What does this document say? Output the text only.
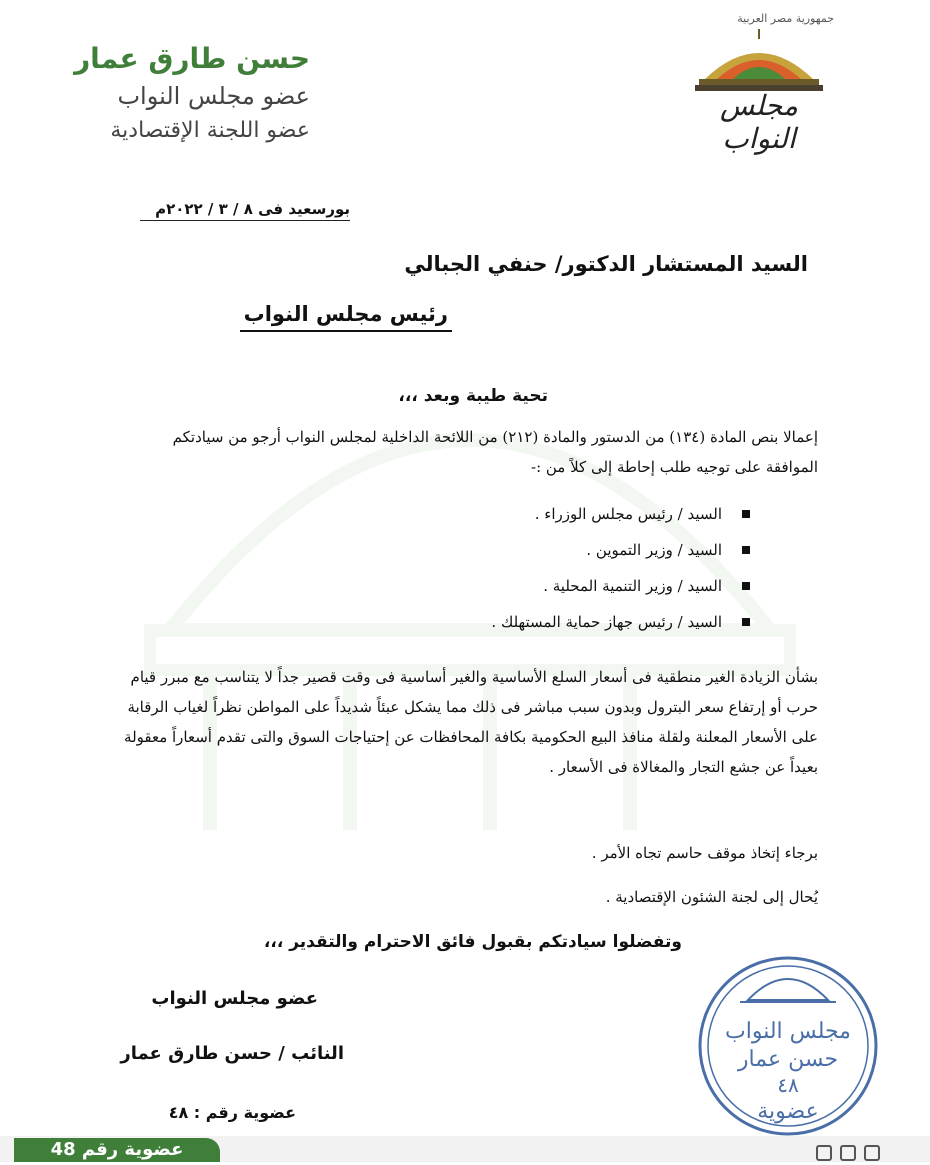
جمهورية مصر العربية
مجلس النواب
حسن طارق عمار
عضو مجلس النواب
عضو اللجنة الإقتصادية
بورسعيد فى ٨ / ٣ / ٢٠٢٢م
السيد المستشار الدكتور/ حنفي الجبالي
رئيس مجلس النواب
تحية طيبة وبعد ،،،
إعمالا بنص المادة (١٣٤) من الدستور والمادة (٢١٢) من اللائحة الداخلية لمجلس النواب أرجو من سيادتكم الموافقة على توجيه طلب إحاطة إلى كلاً من :-
السيد / رئيس مجلس الوزراء .
السيد / وزير التموين .
السيد / وزير التنمية المحلية .
السيد / رئيس جهاز حماية المستهلك .
بشأن الزيادة الغير منطقية فى أسعار السلع الأساسية والغير أساسية فى وقت قصير جداً لا يتناسب مع مبرر قيام حرب أو إرتفاع سعر البترول وبدون سبب مباشر فى ذلك مما يشكل عبئاً شديداً على المواطن نظراً لغياب الرقابة على الأسعار المعلنة ولقلة منافذ البيع الحكومية بكافة المحافظات عن إحتياجات السوق والتى تقدم أسعاراً معقولة بعيداً عن جشع التجار والمغالاة فى الأسعار .
برجاء إتخاذ موقف حاسم تجاه الأمر .
يُحال إلى لجنة الشئون الإقتصادية .
وتفضلوا سيادتكم بقبول فائق الاحترام والتقدير ،،،
عضو مجلس النواب
النائب / حسن طارق عمار
عضوية رقم : ٤٨
مجلس النواب
حسن عمار
٤٨
عضوية
عضوية رقم 48
